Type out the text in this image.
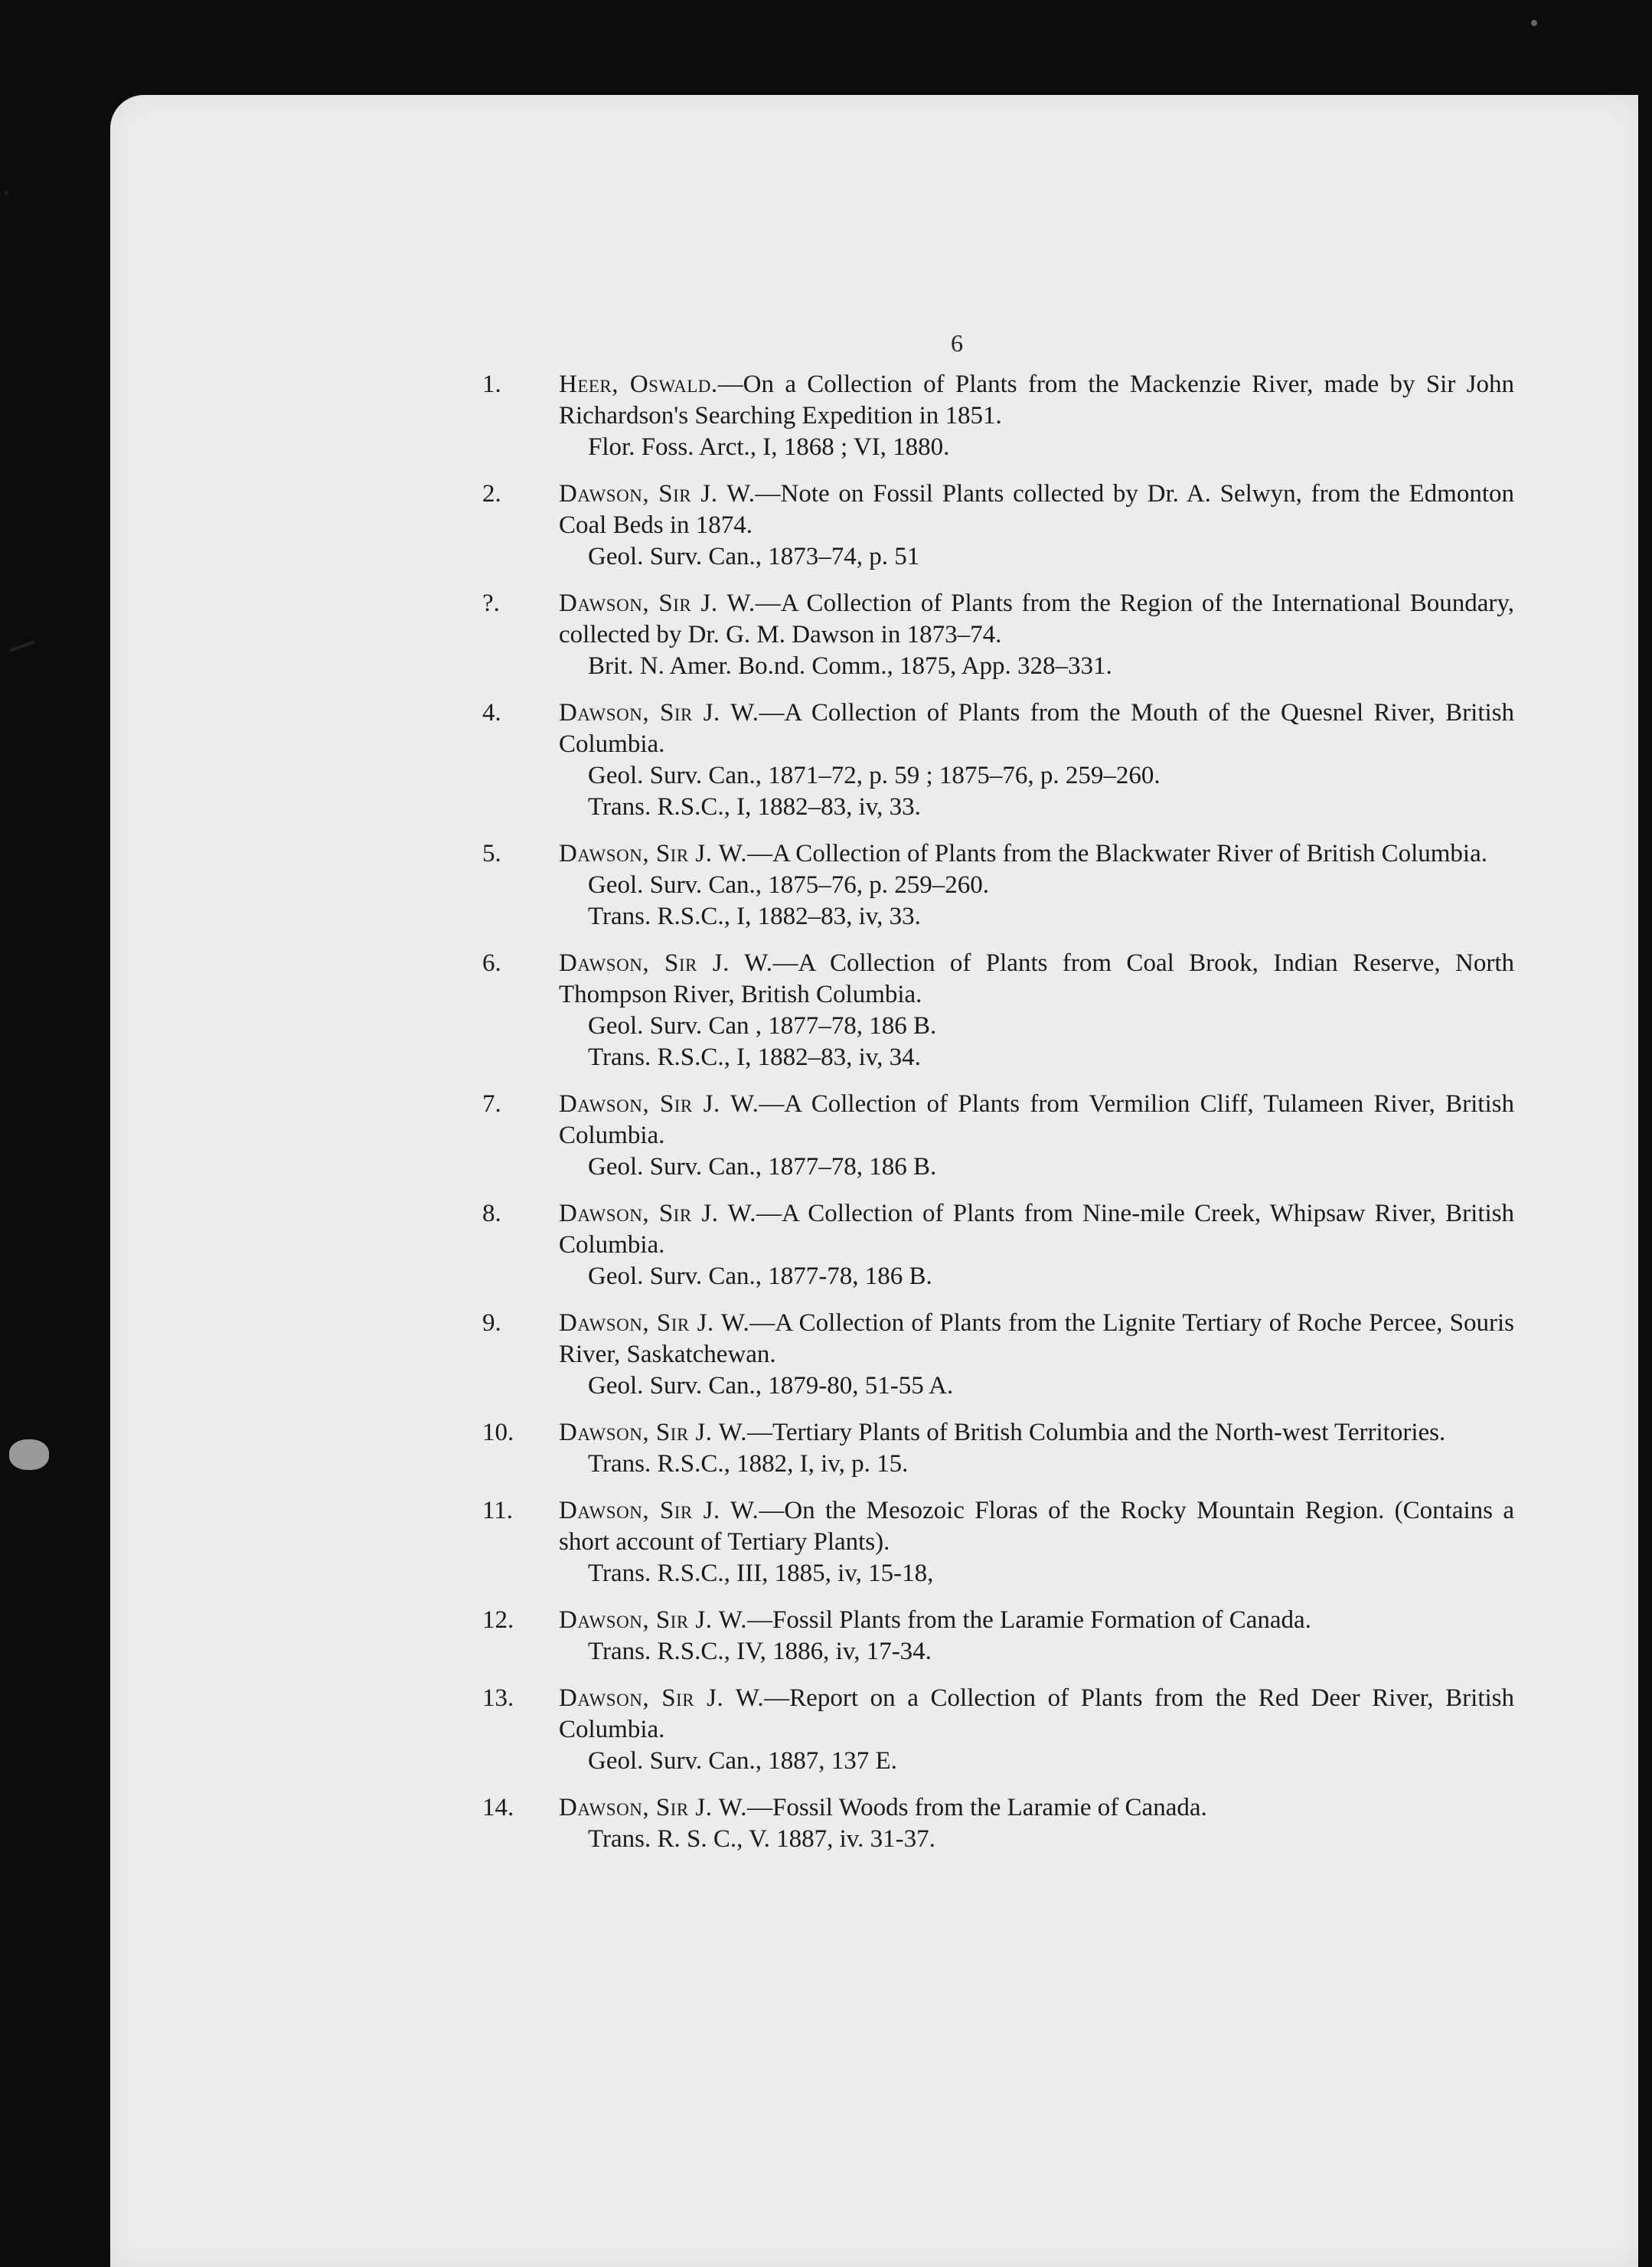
6
1.	Heer, Oswald.—On a Collection of Plants from the Mackenzie River, made by Sir John Richardson's Searching Expedition in 1851.
Flor. Foss. Arct., I, 1868 ; VI, 1880.
2.	Dawson, Sir J. W.—Note on Fossil Plants collected by Dr. A. Selwyn, from the Edmonton Coal Beds in 1874.
Geol. Surv. Can., 1873–74, p. 51
?.	Dawson, Sir J. W.—A Collection of Plants from the Region of the International Boundary, collected by Dr. G. M. Dawson in 1873–74.
Brit. N. Amer. Bo.nd. Comm., 1875, App. 328–331.
4.	Dawson, Sir J. W.—A Collection of Plants from the Mouth of the Quesnel River, British Columbia.
Geol. Surv. Can., 1871–72, p. 59 ; 1875–76, p. 259–260.
Trans. R.S.C., I, 1882–83, iv, 33.
5.	Dawson, Sir J. W.—A Collection of Plants from the Blackwater River of British Columbia.
Geol. Surv. Can., 1875–76, p. 259–260.
Trans. R.S.C., I, 1882–83, iv, 33.
6.	Dawson, Sir J. W.—A Collection of Plants from Coal Brook, Indian Reserve, North Thompson River, British Columbia.
Geol. Surv. Can , 1877–78, 186 B.
Trans. R.S.C., I, 1882–83, iv, 34.
7.	Dawson, Sir J. W.—A Collection of Plants from Vermilion Cliff, Tulameen River, British Columbia.
Geol. Surv. Can., 1877–78, 186 B.
8.	Dawson, Sir J. W.—A Collection of Plants from Nine-mile Creek, Whipsaw River, British Columbia.
Geol. Surv. Can., 1877-78, 186 B.
9.	Dawson, Sir J. W.—A Collection of Plants from the Lignite Tertiary of Roche Percee, Souris River, Saskatchewan.
Geol. Surv. Can., 1879-80, 51-55 A.
10.	Dawson, Sir J. W.—Tertiary Plants of British Columbia and the North-west Territories.
Trans. R.S.C., 1882, I, iv, p. 15.
11.	Dawson, Sir J. W.—On the Mesozoic Floras of the Rocky Mountain Region. (Contains a short account of Tertiary Plants).
Trans. R.S.C., III, 1885, iv, 15-18,
12.	Dawson, Sir J. W.—Fossil Plants from the Laramie Formation of Canada.
Trans. R.S.C., IV, 1886, iv, 17-34.
13.	Dawson, Sir J. W.—Report on a Collection of Plants from the Red Deer River, British Columbia.
Geol. Surv. Can., 1887, 137 E.
14.	Dawson, Sir J. W.—Fossil Woods from the Laramie of Canada.
Trans. R. S. C., V. 1887, iv. 31-37.
